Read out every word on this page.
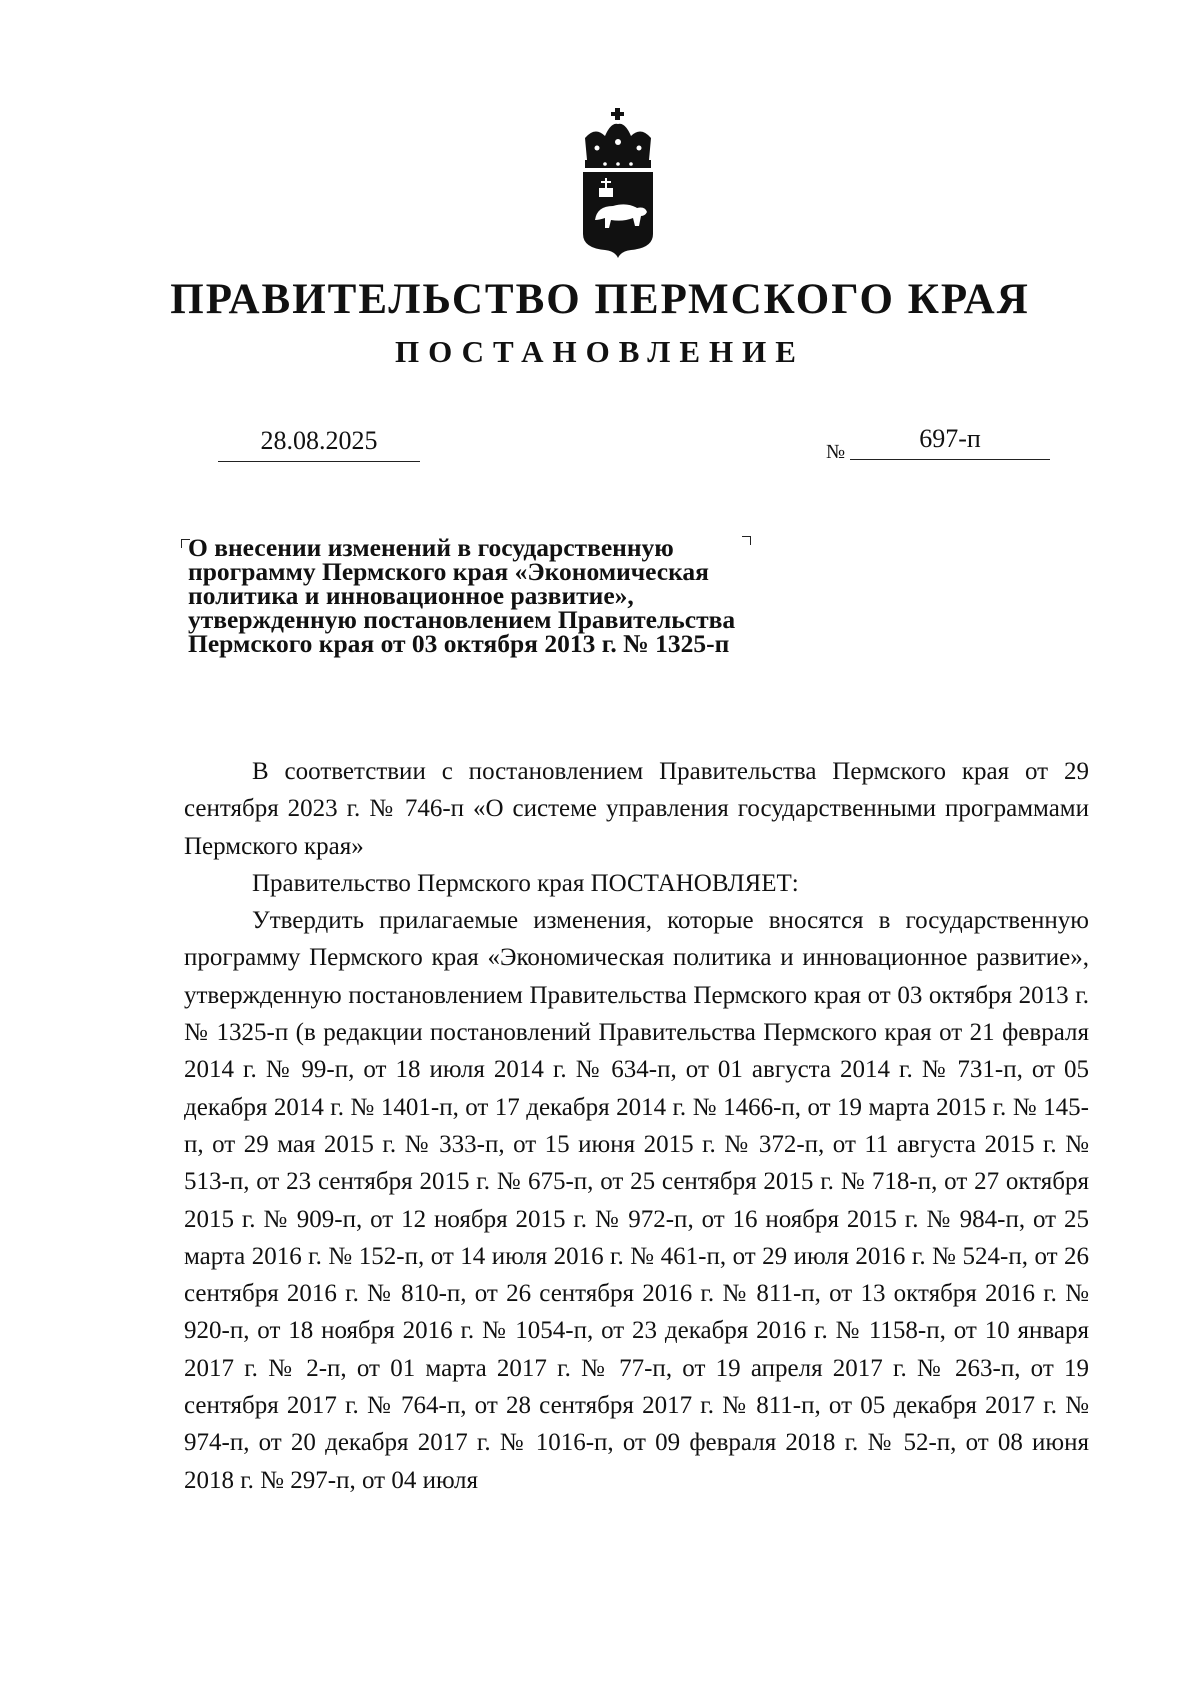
ПРАВИТЕЛЬСТВО ПЕРМСКОГО КРАЯ
ПОСТАНОВЛЕНИЕ
28.08.2025	№	697-п
О внесении изменений в государственную
программу Пермского края «Экономическая
политика и инновационное развитие»,
утвержденную постановлением Правительства
Пермского края от 03 октября 2013 г. № 1325-п

В соответствии с постановлением Правительства Пермского края от 29 сентября 2023 г. № 746-п «О системе управления государственными программами Пермского края»

Правительство Пермского края ПОСТАНОВЛЯЕТ:

Утвердить прилагаемые изменения, которые вносятся в государственную программу Пермского края «Экономическая политика и инновационное развитие», утвержденную постановлением Правительства Пермского края от 03 октября 2013 г. № 1325-п (в редакции постановлений Правительства Пермского края от 21 февраля 2014 г. № 99-п, от 18 июля 2014 г. № 634-п, от 01 августа 2014 г. № 731-п, от 05 декабря 2014 г. № 1401-п, от 17 декабря 2014 г. № 1466-п, от 19 марта 2015 г. № 145-п, от 29 мая 2015 г. № 333-п, от 15 июня 2015 г. № 372-п, от 11 августа 2015 г. № 513-п, от 23 сентября 2015 г. № 675-п, от 25 сентября 2015 г. № 718-п, от 27 октября 2015 г. № 909-п, от 12 ноября 2015 г. № 972-п, от 16 ноября 2015 г. № 984-п, от 25 марта 2016 г. № 152-п, от 14 июля 2016 г. № 461-п, от 29 июля 2016 г. № 524-п, от 26 сентября 2016 г. № 810-п, от 26 сентября 2016 г. № 811-п, от 13 октября 2016 г. № 920-п, от 18 ноября 2016 г. № 1054-п, от 23 декабря 2016 г. № 1158-п, от 10 января 2017 г. № 2-п, от 01 марта 2017 г. № 77-п, от 19 апреля 2017 г. № 263-п, от 19 сентября 2017 г. № 764-п, от 28 сентября 2017 г. № 811-п, от 05 декабря 2017 г. № 974-п, от 20 декабря 2017 г. № 1016-п, от 09 февраля 2018 г. № 52-п, от 08 июня 2018 г. № 297-п, от 04 июля
